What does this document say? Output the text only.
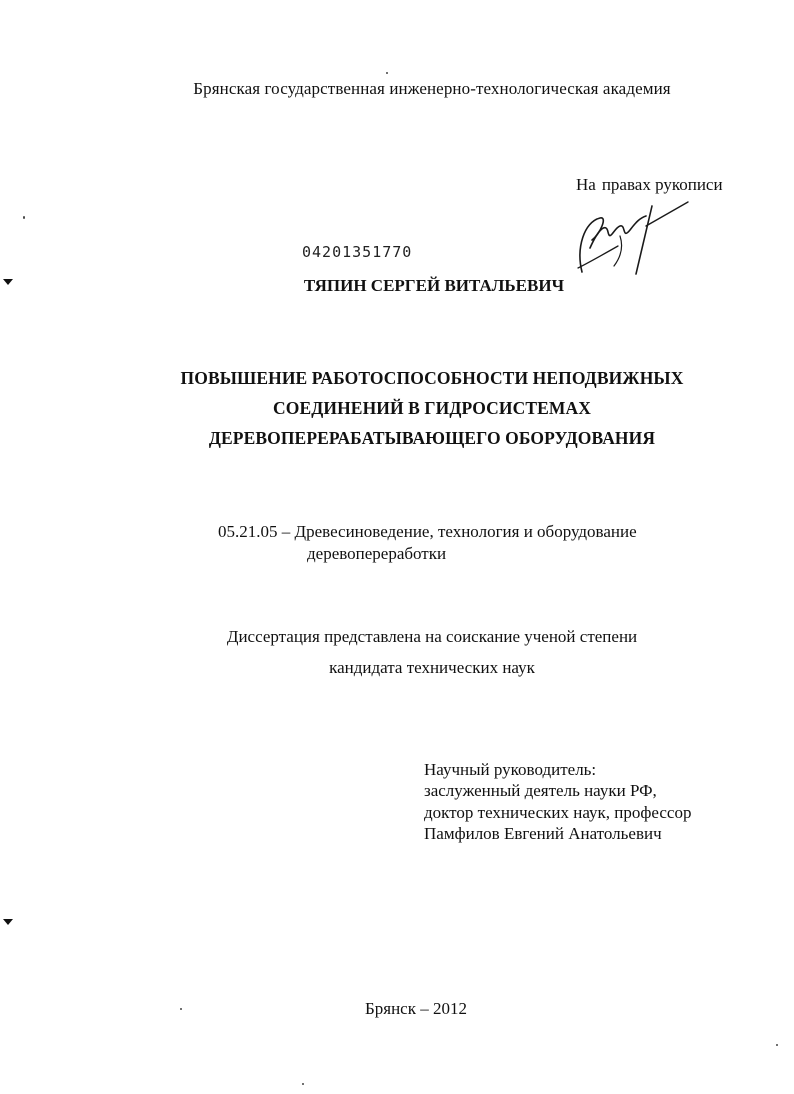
Брянская государственная инженерно-технологическая академия
На правах рукописи
04201351770
ТЯПИН СЕРГЕЙ ВИТАЛЬЕВИЧ
ПОВЫШЕНИЕ РАБОТОСПОСОБНОСТИ НЕПОДВИЖНЫХ
СОЕДИНЕНИЙ В ГИДРОСИСТЕМАХ
ДЕРЕВОПЕРЕРАБАТЫВАЮЩЕГО ОБОРУДОВАНИЯ
05.21.05 – Древесиноведение, технология и оборудование
деревопереработки
Диссертация представлена на соискание ученой степени
кандидата технических наук
Научный руководитель:
заслуженный деятель науки РФ,
доктор технических наук, профессор
Памфилов Евгений Анатольевич
Брянск – 2012
